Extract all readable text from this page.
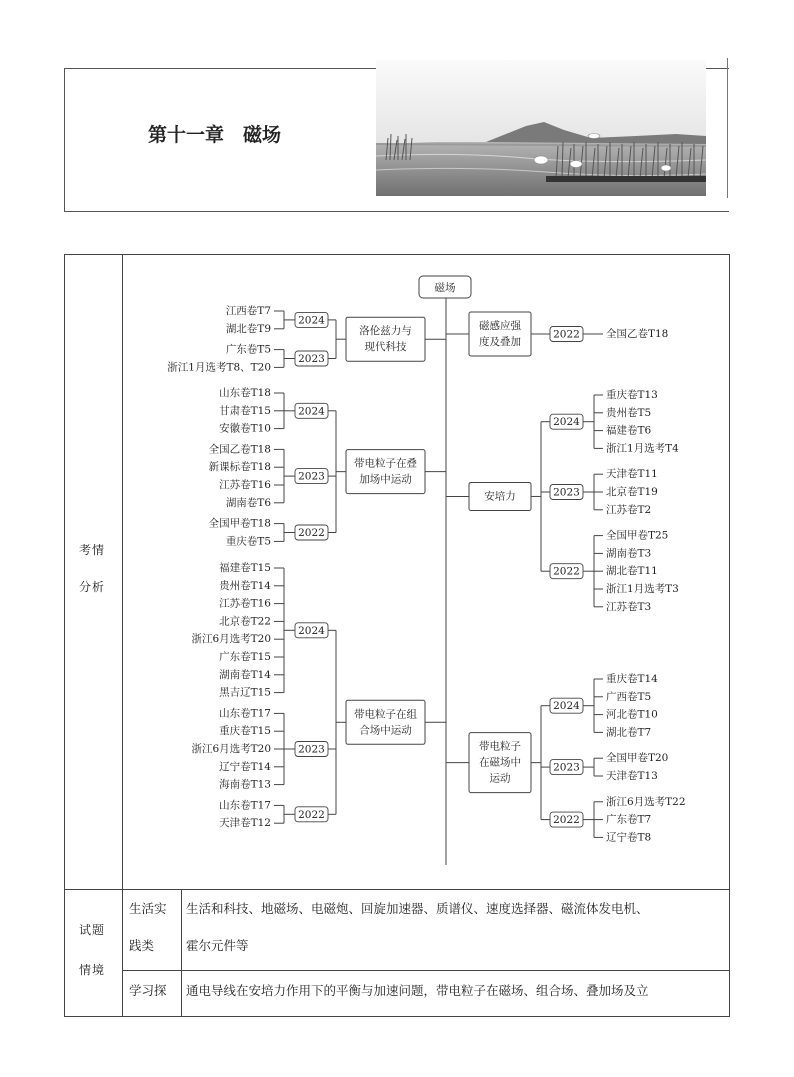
第十一章　磁场
考情
分析
试题
情境
生活实
践类
生活和科技、地磁场、电磁炮、回旋加速器、质谱仪、速度选择器、磁流体发电机、
霍尔元件等
学习探 通电导线在安培力作用下的平衡与加速问题，带电粒子在磁场、组合场、叠加场及立
磁场
江西卷T7
湖北卷T9
2024
广东卷T5
浙江1月选考T8、T20
2023
洛伦兹力与
现代科技
山东卷T18
甘肃卷T15
安徽卷T10
2024
全国乙卷T18
新课标卷T18
江苏卷T16
湖南卷T6
2023
全国甲卷T18
重庆卷T5
2022
带电粒子在叠
加场中运动
福建卷T15
贵州卷T14
江苏卷T16
北京卷T22
浙江6月选考T20
广东卷T15
湖南卷T14
黑吉辽T15
2024
山东卷T17
重庆卷T15
浙江6月选考T20
辽宁卷T14
海南卷T13
2023
山东卷T17
天津卷T12
2022
带电粒子在组
合场中运动
全国乙卷T18
2022
磁感应强
度及叠加
重庆卷T13
贵州卷T5
福建卷T6
浙江1月选考T4
2024
天津卷T11
北京卷T19
江苏卷T2
2023
全国甲卷T25
湖南卷T3
湖北卷T11
浙江1月选考T3
江苏卷T3
2022
安培力
重庆卷T14
广西卷T5
河北卷T10
湖北卷T7
2024
全国甲卷T20
天津卷T13
2023
浙江6月选考T22
广东卷T7
辽宁卷T8
2022
带电粒子
在磁场中
运动
